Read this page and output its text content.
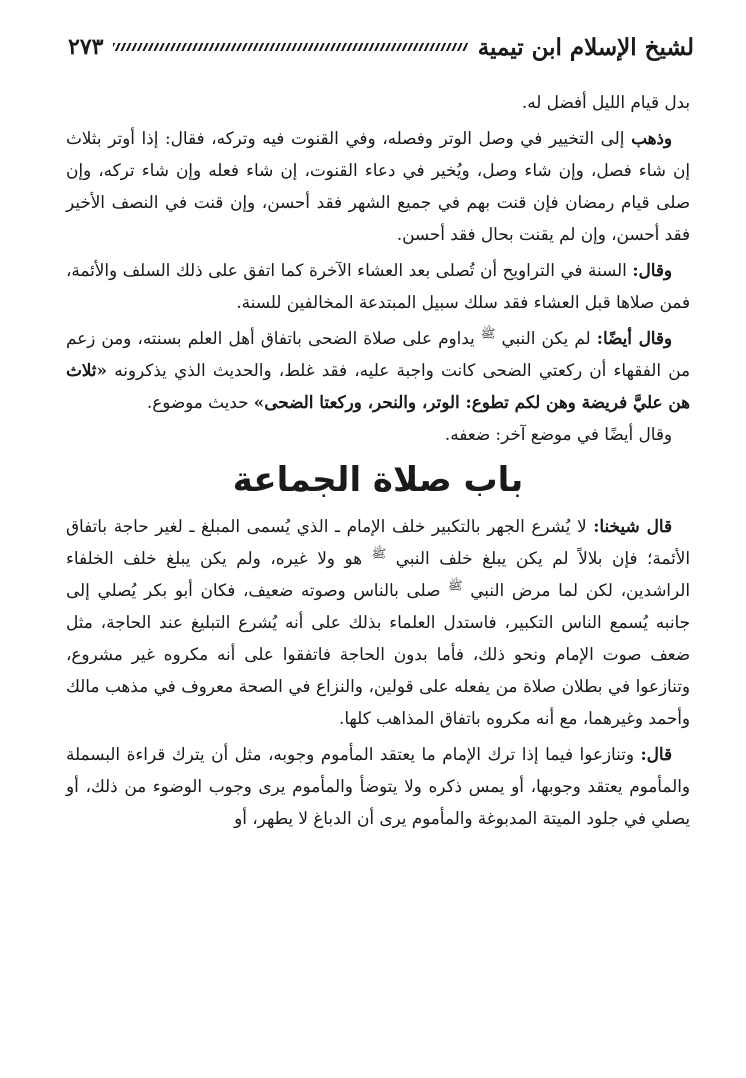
لشيخ الإسلام ابن تيمية
٢٧٣

بدل قيام الليل أفضل له.

وذهب إلى التخيير في وصل الوتر وفصله، وفي القنوت فيه وتركه، فقال: إذا أوتر بثلاث إن شاء فصل، وإن شاء وصل، ويُخير في دعاء القنوت، إن شاء فعله وإن شاء تركه، وإن صلى قيام رمضان فإن قنت بهم في جميع الشهر فقد أحسن، وإن قنت في النصف الأخير فقد أحسن، وإن لم يقنت بحال فقد أحسن.

وقال: السنة في التراويح أن تُصلى بعد العشاء الآخرة كما اتفق على ذلك السلف والأئمة، فمن صلاها قبل العشاء فقد سلك سبيل المبتدعة المخالفين للسنة.

وقال أيضًا: لم يكن النبي $^ﷺ$ يداوم على صلاة الضحى باتفاق أهل العلم بسنته، ومن زعم من الفقهاء أن ركعتي الضحى كانت واجبة عليه، فقد غلط، والحديث الذي يذكرونه «ثلاث هن عليَّ فريضة وهن لكم تطوع: الوتر، والنحر، وركعتا الضحى» حديث موضوع.

وقال أيضًا في موضع آخر: ضعفه.

باب صلاة الجماعة

قال شيخنا: لا يُشرع الجهر بالتكبير خلف الإمام ـ الذي يُسمى المبلغ ـ لغير حاجة باتفاق الأئمة؛ فإن بلالاً لم يكن يبلغ خلف النبي $^ﷺ$ هو ولا غيره، ولم يكن يبلغ خلف الخلفاء الراشدين، لكن لما مرض النبي $^ﷺ$ صلى بالناس وصوته ضعيف، فكان أبو بكر يُصلي إلى جانبه يُسمع الناس التكبير، فاستدل العلماء بذلك على أنه يُشرع التبليغ عند الحاجة، مثل ضعف صوت الإمام ونحو ذلك، فأما بدون الحاجة فاتفقوا على أنه مكروه غير مشروع، وتنازعوا في بطلان صلاة من يفعله على قولين، والنزاع في الصحة معروف في مذهب مالك وأحمد وغيرهما، مع أنه مكروه باتفاق المذاهب كلها.

قال: وتنازعوا فيما إذا ترك الإمام ما يعتقد المأموم وجوبه، مثل أن يترك قراءة البسملة والمأموم يعتقد وجوبها، أو يمس ذكره ولا يتوضأ والمأموم يرى وجوب الوضوء من ذلك، أو يصلي في جلود الميتة المدبوغة والمأموم يرى أن الدباغ لا يطهر، أو
